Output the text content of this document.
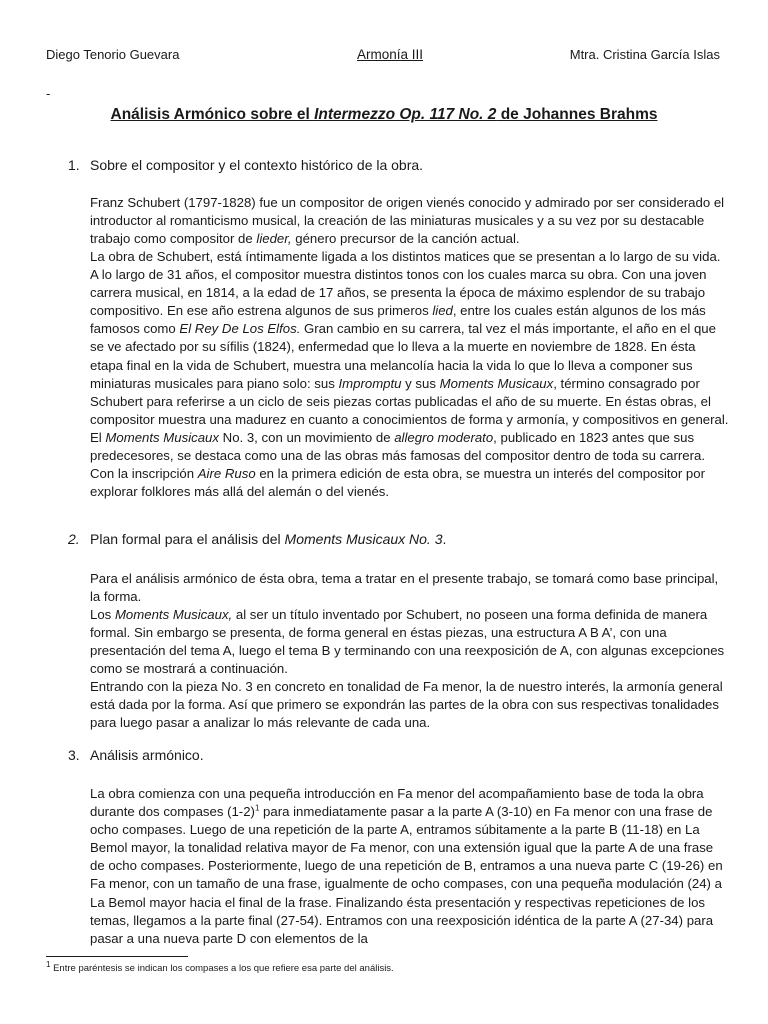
Diego Tenorio Guevara	Armonía III	Mtra. Cristina García Islas
-
Análisis Armónico sobre el Intermezzo Op. 117 No. 2 de Johannes Brahms
1. Sobre el compositor y el contexto histórico de la obra.

Franz Schubert (1797-1828) fue un compositor de origen vienés conocido y admirado por ser considerado el introductor al romanticismo musical, la creación de las miniaturas musicales y a su vez por su destacable trabajo como compositor de lieder, género precursor de la canción actual.

La obra de Schubert, está íntimamente ligada a los distintos matices que se presentan a lo largo de su vida. A lo largo de 31 años, el compositor muestra distintos tonos con los cuales marca su obra. Con una joven carrera musical, en 1814, a la edad de 17 años, se presenta la época de máximo esplendor de su trabajo compositivo. En ese año estrena algunos de sus primeros lied, entre los cuales están algunos de los más famosos como El Rey De Los Elfos. Gran cambio en su carrera, tal vez el más importante, el año en el que se ve afectado por su sífilis (1824), enfermedad que lo lleva a la muerte en noviembre de 1828. En ésta etapa final en la vida de Schubert, muestra una melancolía hacia la vida lo que lo lleva a componer sus miniaturas musicales para piano solo: sus Impromptu y sus Moments Musicaux, término consagrado por Schubert para referirse a un ciclo de seis piezas cortas publicadas el año de su muerte. En éstas obras, el compositor muestra una madurez en cuanto a conocimientos de forma y armonía, y compositivos en general. El Moments Musicaux No. 3, con un movimiento de allegro moderato, publicado en 1823 antes que sus predecesores, se destaca como una de las obras más famosas del compositor dentro de toda su carrera. Con la inscripción Aire Ruso en la primera edición de esta obra, se muestra un interés del compositor por explorar folklores más allá del alemán o del vienés.

2. Plan formal para el análisis del Moments Musicaux No. 3.

Para el análisis armónico de ésta obra, tema a tratar en el presente trabajo, se tomará como base principal, la forma.

Los Moments Musicaux, al ser un título inventado por Schubert, no poseen una forma definida de manera formal. Sin embargo se presenta, de forma general en éstas piezas, una estructura A B A’, con una presentación del tema A, luego el tema B y terminando con una reexposición de A, con algunas excepciones como se mostrará a continuación.

Entrando con la pieza No. 3 en concreto en tonalidad de Fa menor, la de nuestro interés, la armonía general está dada por la forma. Así que primero se expondrán las partes de la obra con sus respectivas tonalidades para luego pasar a analizar lo más relevante de cada una.

3. Análisis armónico.

La obra comienza con una pequeña introducción en Fa menor del acompañamiento base de toda la obra durante dos compases $(1-2)^1$ para inmediatamente pasar a la parte A (3-10) en Fa menor con una frase de ocho compases. Luego de una repetición de la parte A, entramos súbitamente a la parte B (11-18) en La Bemol mayor, la tonalidad relativa mayor de Fa menor, con una extensión igual que la parte A de una frase de ocho compases. Posteriormente, luego de una repetición de B, entramos a una nueva parte C (19-26) en Fa menor, con un tamaño de una frase, igualmente de ocho compases, con una pequeña modulación (24) a La Bemol mayor hacia el final de la frase. Finalizando ésta presentación y respectivas repeticiones de los temas, llegamos a la parte final (27-54). Entramos con una reexposición idéntica de la parte A (27-34) para pasar a una nueva parte D con elementos de la

$^1$ Entre paréntesis se indican los compases a los que refiere esa parte del análisis.
